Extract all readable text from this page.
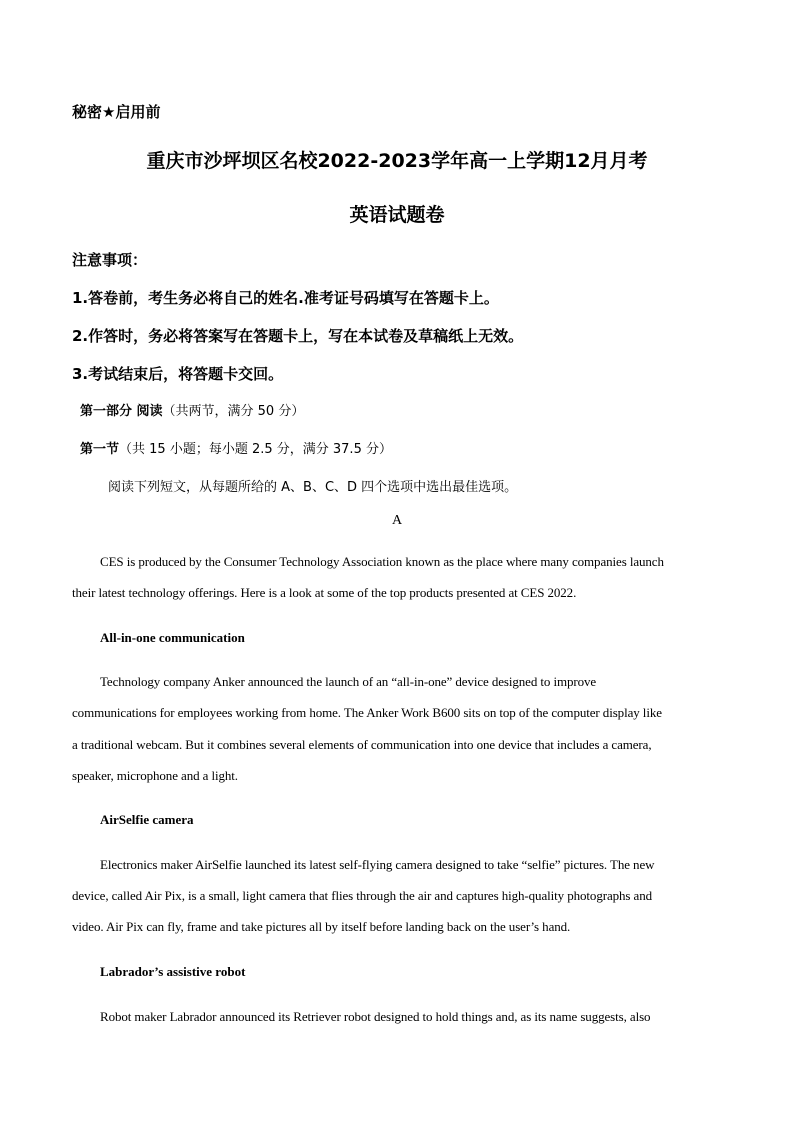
秘密★启用前
重庆市沙坪坝区名校2022-2023学年高一上学期12月月考
英语试题卷
注意事项：
1.答卷前，考生务必将自己的姓名.准考证号码填写在答题卡上。
2.作答时，务必将答案写在答题卡上，写在本试卷及草稿纸上无效。
3.考试结束后，将答题卡交回。
第一部分 阅读（共两节，满分 50 分）
第一节（共 15 小题；每小题 2.5 分，满分 37.5 分）
阅读下列短文，从每题所给的 A、B、C、D 四个选项中选出最佳选项。
A
CES is produced by the Consumer Technology Association known as the place where many companies launch
their latest technology offerings. Here is a look at some of the top products presented at CES 2022.
All-in-one communication
Technology company Anker announced the launch of an “all-in-one” device designed to improve
communications for employees working from home. The Anker Work B600 sits on top of the computer display like
a traditional webcam. But it combines several elements of communication into one device that includes a camera,
speaker, microphone and a light.
AirSelfie camera
Electronics maker AirSelfie launched its latest self-flying camera designed to take “selfie” pictures. The new
device, called Air Pix, is a small, light camera that flies through the air and captures high-quality photographs and
video. Air Pix can fly, frame and take pictures all by itself before landing back on the user’s hand.
Labrador’s assistive robot
Robot maker Labrador announced its Retriever robot designed to hold things and, as its name suggests, also
